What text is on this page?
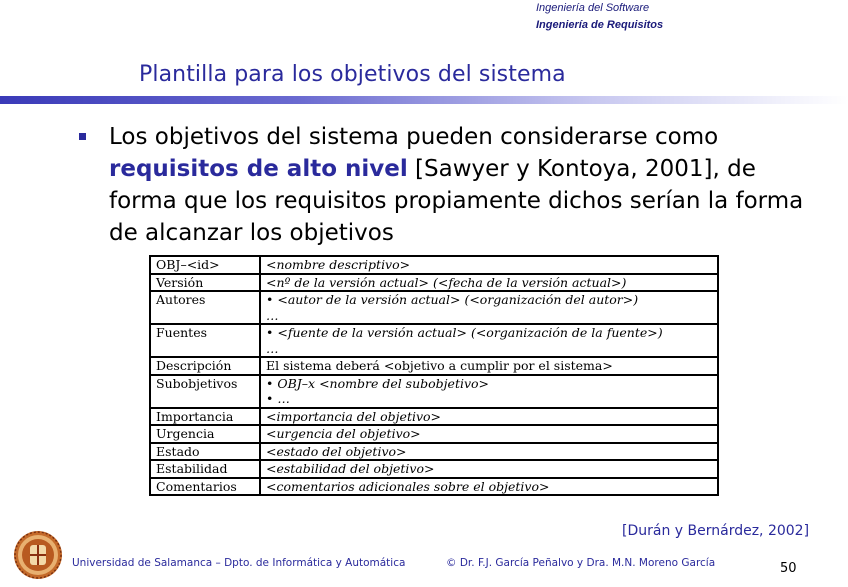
Ingeniería del Software
Ingeniería de Requisitos
Plantilla para los objetivos del sistema
Los objetivos del sistema pueden considerarse como requisitos de alto nivel [Sawyer y Kontoya, 2001], de forma que los requisitos propiamente dichos serían la forma de alcanzar los objetivos
OBJ–<id>	<nombre descriptivo>
Versión	<nº de la versión actual> (<fecha de la versión actual>)
Autores	• <autor de la versión actual> (<organización del autor>)
…

Fuentes	• <fuente de la versión actual> (<organización de la fuente>)
…

Descripción	El sistema deberá <objetivo a cumplir por el sistema>
Subobjetivos	• OBJ–x <nombre del subobjetivo>
• …

Importancia	<importancia del objetivo>
Urgencia	<urgencia del objetivo>
Estado	<estado del objetivo>
Estabilidad	<estabilidad del objetivo>
Comentarios	<comentarios adicionales sobre el objetivo>
[Durán y Bernárdez, 2002]
Universidad de Salamanca – Dpto. de Informática y Automática	© Dr. F.J. García Peñalvo y Dra. M.N. Moreno García	50
